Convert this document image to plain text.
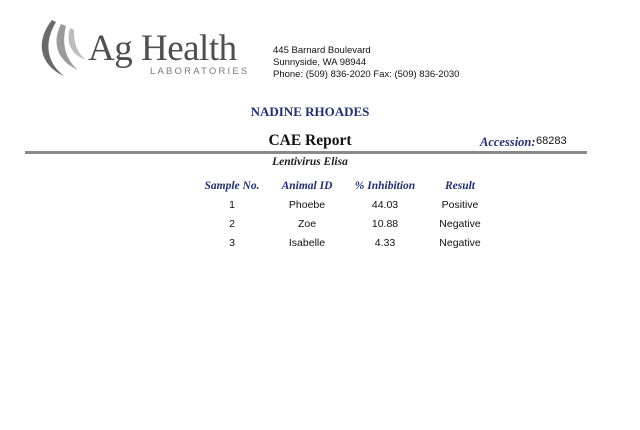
Ag Health
LABORATORIES
445 Barnard Boulevard
Sunnyside, WA 98944
Phone: (509) 836-2020 Fax: (509) 836-2030
NADINE RHOADES
CAE Report	Accession: 68283
Lentivirus Elisa
Sample No.	Animal ID	% Inhibition	Result
1	Phoebe	44.03	Positive
2	Zoe	10.88	Negative
3	Isabelle	4.33	Negative
